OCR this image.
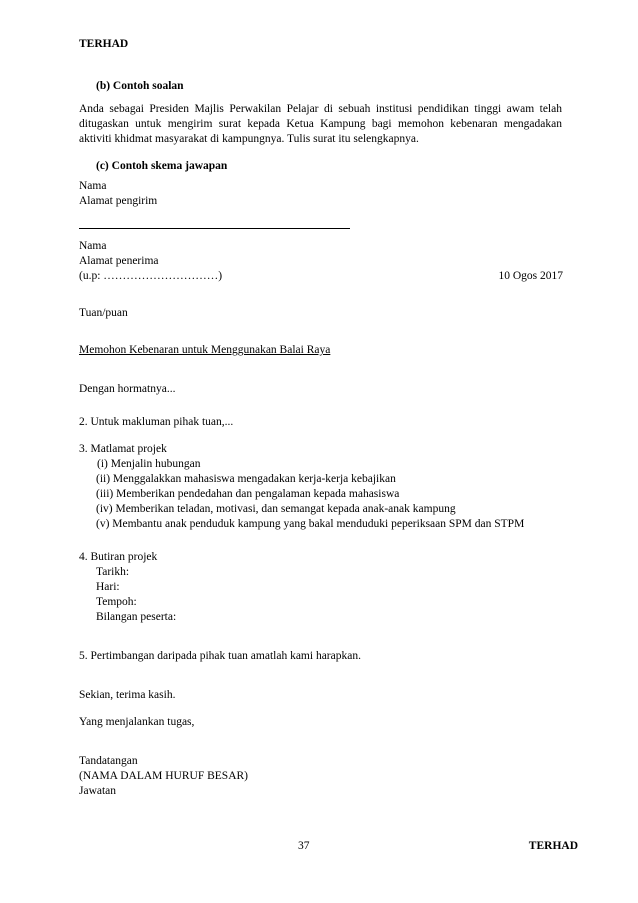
TERHAD
(b) Contoh soalan
Anda sebagai Presiden Majlis Perwakilan Pelajar di sebuah institusi pendidikan tinggi awam telah ditugaskan untuk mengirim surat kepada Ketua Kampung bagi memohon kebenaran mengadakan aktiviti khidmat masyarakat di kampungnya. Tulis surat itu selengkapnya.
(c) Contoh skema jawapan
Nama
Alamat pengirim
Nama
Alamat penerima
(u.p: …………………………)	10 Ogos 2017
Tuan/puan
Memohon Kebenaran untuk Menggunakan Balai Raya
Dengan hormatnya...
2. Untuk makluman pihak tuan,...
3. Matlamat projek
(i) Menjalin hubungan
(ii) Menggalakkan mahasiswa mengadakan kerja-kerja kebajikan
(iii) Memberikan pendedahan dan pengalaman kepada mahasiswa
(iv) Memberikan teladan, motivasi, dan semangat kepada anak-anak kampung
(v) Membantu anak penduduk kampung yang bakal menduduki peperiksaan SPM dan STPM
4. Butiran projek
Tarikh:
Hari:
Tempoh:
Bilangan peserta:
5. Pertimbangan daripada pihak tuan amatlah kami harapkan.
Sekian, terima kasih.
Yang menjalankan tugas,
Tandatangan
(NAMA DALAM HURUF BESAR)
Jawatan
37	TERHAD
